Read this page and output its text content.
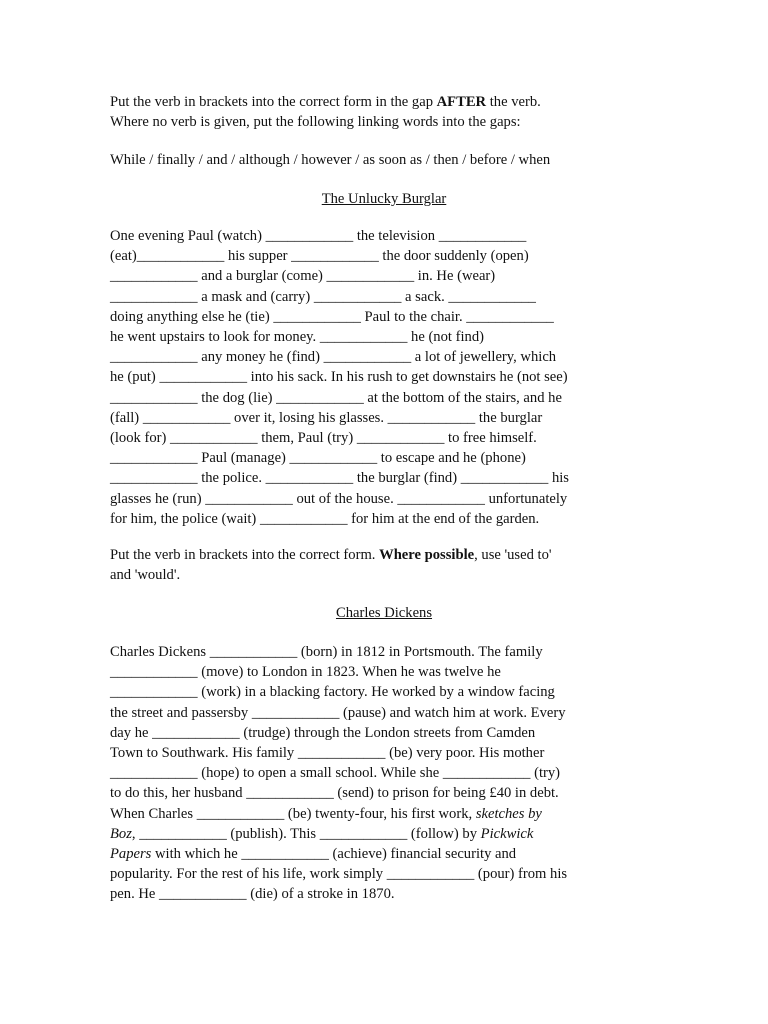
Put the verb in brackets into the correct form in the gap AFTER the verb.
Where no verb is given, put the following linking words into the gaps:
While / finally / and / although / however / as soon as / then / before / when
The Unlucky Burglar
One evening Paul (watch) ____________ the television ____________
(eat)____________ his supper ____________ the door suddenly (open)
____________ and a burglar (come) ____________ in. He (wear)
____________ a mask and (carry) ____________ a sack. ____________
doing anything else he (tie) ____________ Paul to the chair. ____________
he went upstairs to look for money. ____________ he (not find)
____________ any money he (find) ____________ a lot of jewellery, which
he (put) ____________ into his sack. In his rush to get downstairs he (not see)
____________ the dog (lie) ____________ at the bottom of the stairs, and he
(fall) ____________ over it, losing his glasses. ____________ the burglar
(look for) ____________ them, Paul (try) ____________ to free himself.
____________ Paul (manage) ____________ to escape and he (phone)
____________ the police. ____________ the burglar (find) ____________ his
glasses he (run) ____________ out of the house. ____________ unfortunately
for him, the police (wait) ____________ for him at the end of the garden.
Put the verb in brackets into the correct form. Where possible, use 'used to'
and 'would'.
Charles Dickens
Charles Dickens ____________ (born) in 1812 in Portsmouth. The family
____________ (move) to London in 1823. When he was twelve he
____________ (work) in a blacking factory. He worked by a window facing
the street and passersby ____________ (pause) and watch him at work. Every
day he ____________ (trudge) through the London streets from Camden
Town to Southwark. His family ____________ (be) very poor. His mother
____________ (hope) to open a small school. While she ____________ (try)
to do this, her husband ____________ (send) to prison for being £40 in debt.
When Charles ____________ (be) twenty-four, his first work, sketches by
Boz, ____________ (publish). This ____________ (follow) by Pickwick
Papers with which he ____________ (achieve) financial security and
popularity. For the rest of his life, work simply ____________ (pour) from his
pen. He ____________ (die) of a stroke in 1870.
